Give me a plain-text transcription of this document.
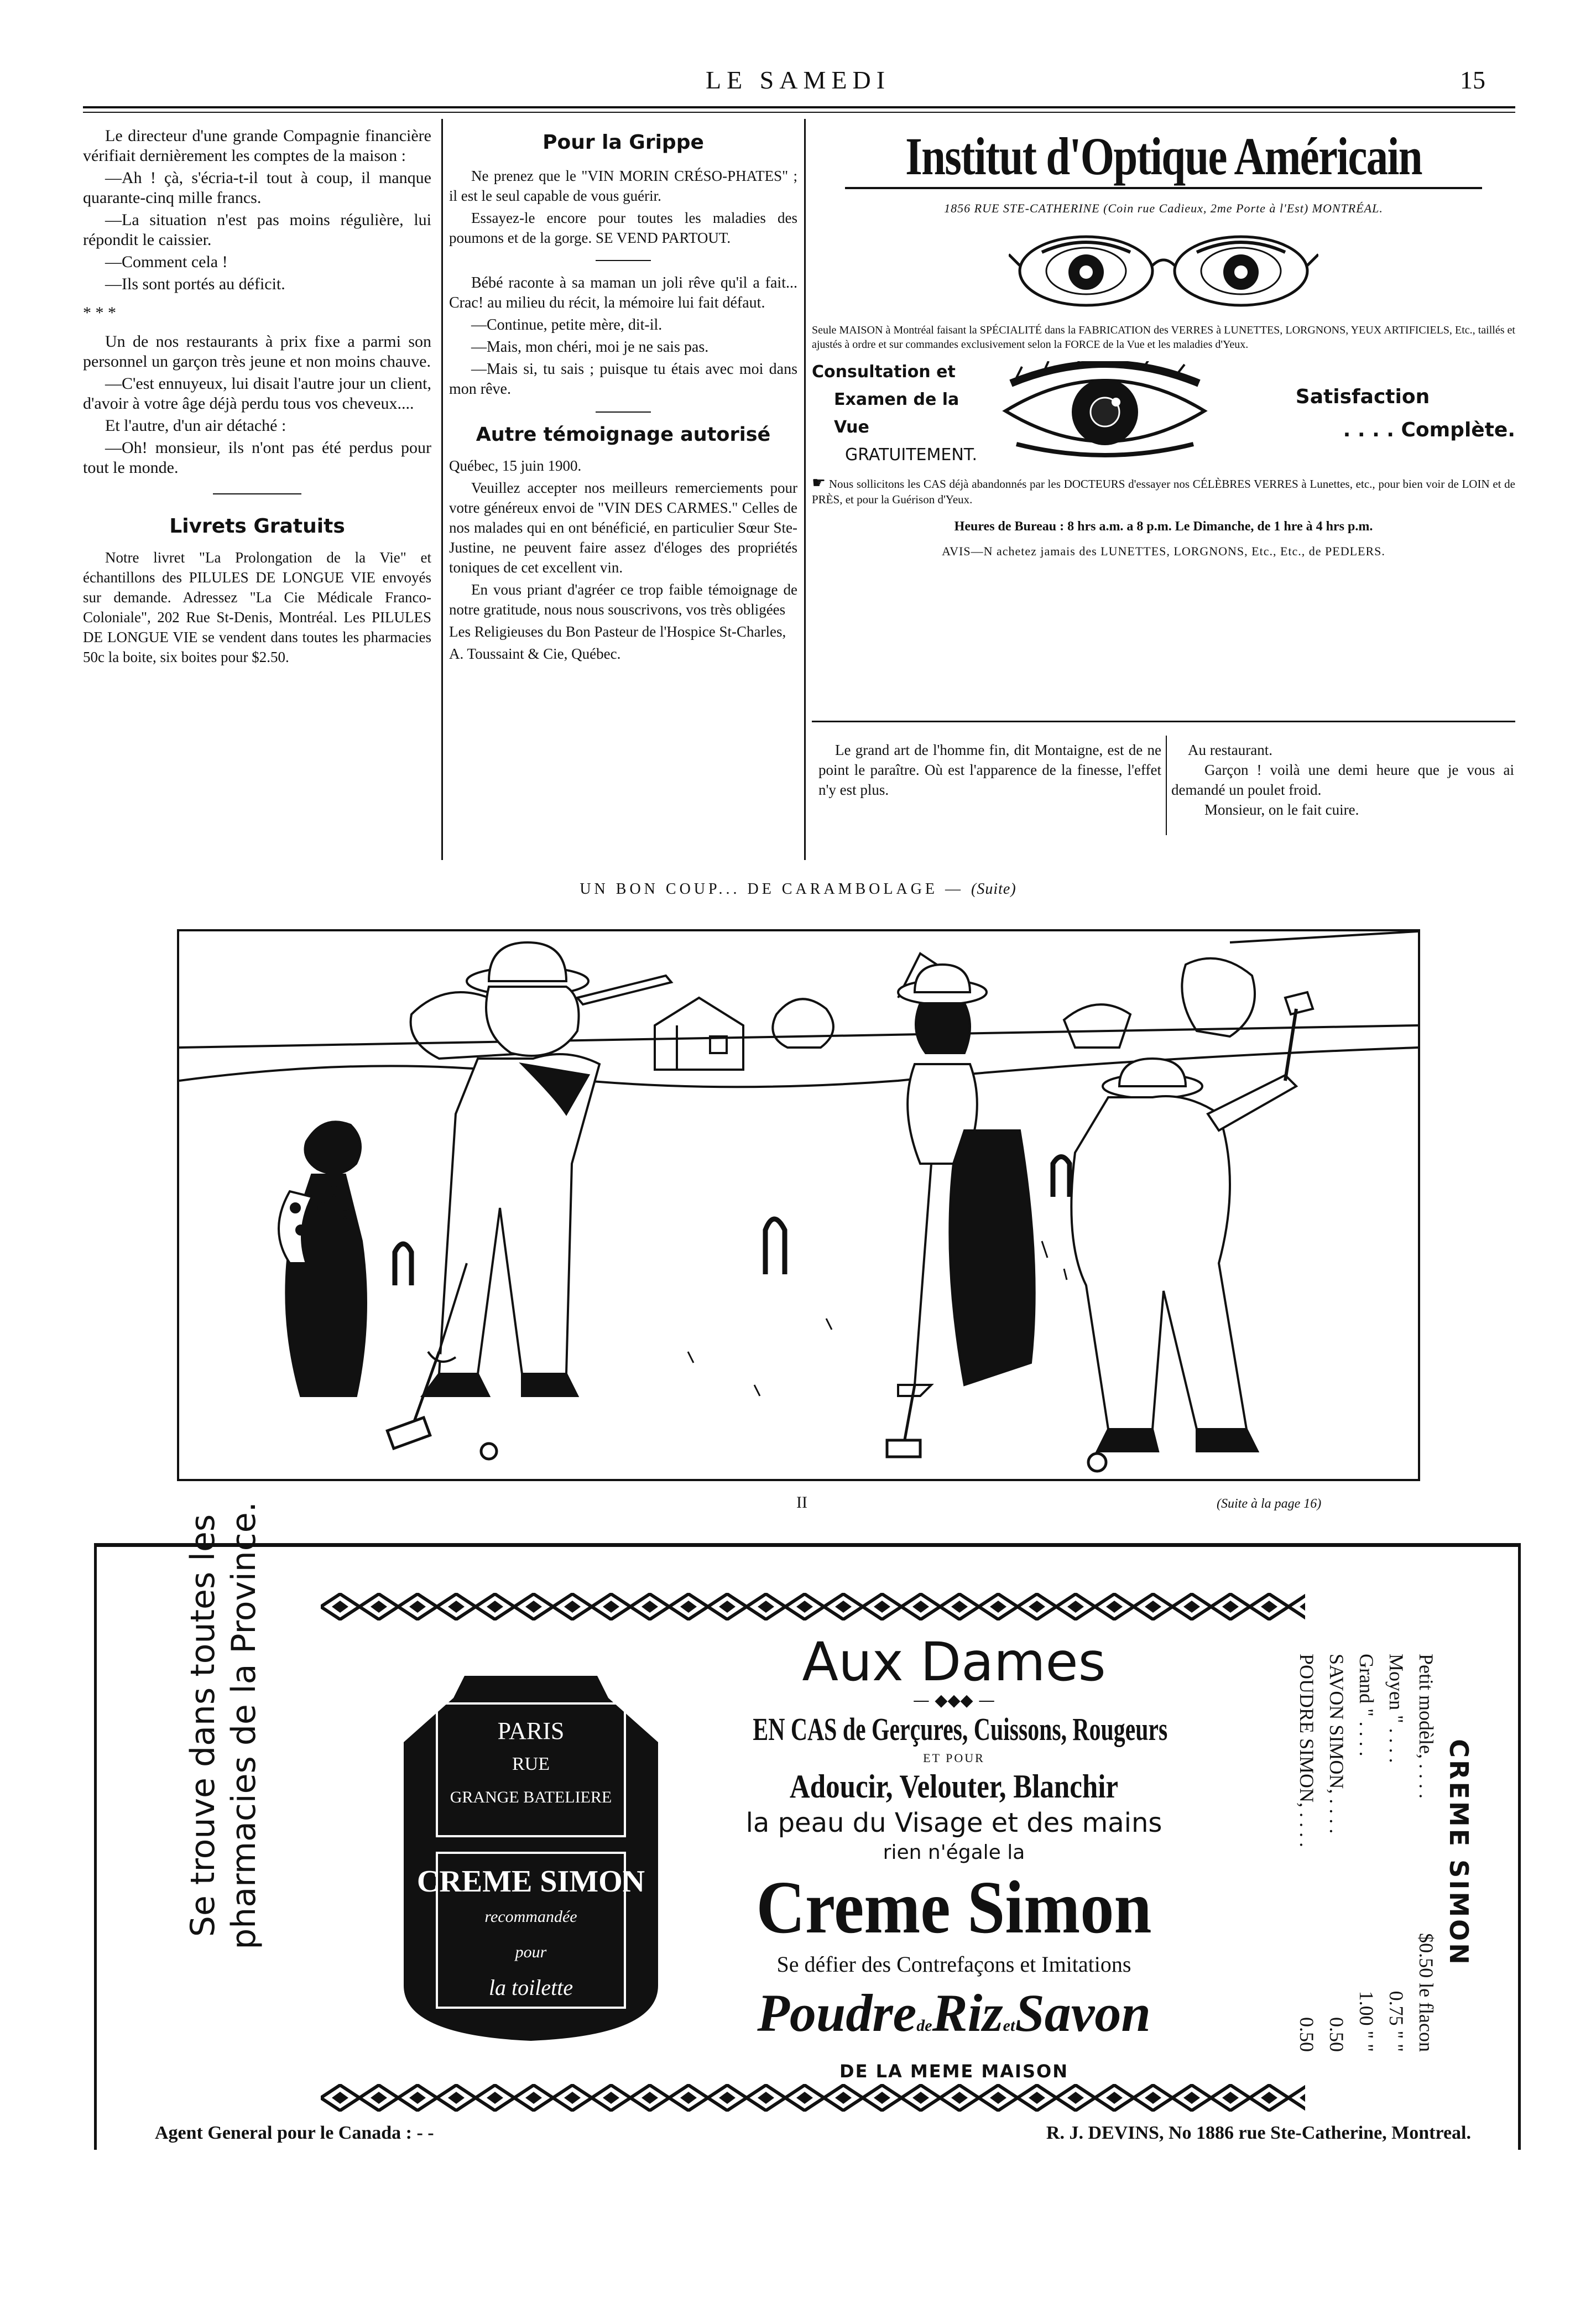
LE SAMEDI	15

Le directeur d'une grande Compagnie financière vérifiait dernièrement les comptes de la maison :

—Ah ! çà, s'écria-t-il tout à coup, il manque quarante-cinq mille francs.

—La situation n'est pas moins régulière, lui répondit le caissier.

—Comment cela !

—Ils sont portés au déficit.

* * *

Un de nos restaurants à prix fixe a parmi son personnel un garçon très jeune et non moins chauve.

—C'est ennuyeux, lui disait l'autre jour un client, d'avoir à votre âge déjà perdu tous vos cheveux....

Et l'autre, d'un air détaché :

—Oh! monsieur, ils n'ont pas été perdus pour tout le monde.

Livrets Gratuits

Notre livret "La Prolongation de la Vie" et échantillons des PILULES DE LONGUE VIE envoyés sur demande. Adressez "La Cie Médicale Franco-Coloniale", 202 Rue St-Denis, Montréal. Les PILULES DE LONGUE VIE se vendent dans toutes les pharmacies 50c la boite, six boites pour $2.50.

Pour la Grippe

Ne prenez que le "VIN MORIN CRÉSO-PHATES" ; il est le seul capable de vous guérir.

Essayez-le encore pour toutes les maladies des poumons et de la gorge. SE VEND PARTOUT.

Bébé raconte à sa maman un joli rêve qu'il a fait... Crac! au milieu du récit, la mémoire lui fait défaut.

—Continue, petite mère, dit-il.

—Mais, mon chéri, moi je ne sais pas.

—Mais si, tu sais ; puisque tu étais avec moi dans mon rêve.

Autre témoignage autorisé

Québec, 15 juin 1900.

Veuillez accepter nos meilleurs remerciements pour votre généreux envoi de "VIN DES CARMES." Celles de nos malades qui en ont bénéficié, en particulier Sœur Ste-Justine, ne peuvent faire assez d'éloges des propriétés toniques de cet excellent vin.

En vous priant d'agréer ce trop faible témoignage de notre gratitude, nous nous souscrivons, vos très obligées

Les Religieuses du Bon Pasteur de l'Hospice St-Charles,

A. Toussaint & Cie, Québec.

Institut d'Optique Américain
1856 RUE STE-CATHERINE (Coin rue Cadieux, 2me Porte à l'Est) MONTRÉAL.
Seule MAISON à Montréal faisant la SPÉCIALITÉ dans la FABRICATION des VERRES à LUNETTES, LORGNONS, YEUX ARTIFICIELS, Etc., taillés et ajustés à ordre et sur commandes exclusivement selon la FORCE de la Vue et les maladies d'Yeux.
Consultation et
Examen de la Vue
GRATUITEMENT.
Satisfaction
. . . . Complète.
☛ Nous sollicitons les CAS déjà abandonnés par les DOCTEURS d'essayer nos CÉLÈBRES VERRES à Lunettes, etc., pour bien voir de LOIN et de PRÈS, et pour la Guérison d'Yeux.
Heures de Bureau : 8 hrs a.m. a 8 p.m. Le Dimanche, de 1 hre à 4 hrs p.m.
AVIS—N achetez jamais des LUNETTES, LORGNONS, Etc., Etc., de PEDLERS.
Le grand art de l'homme fin, dit Montaigne, est de ne point le paraître. Où est l'apparence de la finesse, l'effet n'y est plus.
Au restaurant.
Garçon ! voilà une demi heure que je vous ai demandé un poulet froid.
Monsieur, on le fait cuire.
UN BON COUP... DE CARAMBOLAGE — (Suite)
II	(Suite à la page 16)
Se trouve dans toutes les pharmacies de la Province.	PARIS
RUE
GRANGE BATELIERE
CREME SIMON
recommandée
pour
la toilette
Aux Dames
— ◆◆◆ —
EN CAS de Gerçures, Cuissons, Rougeurs
ET POUR
Adoucir, Velouter, Blanchir
la peau du Visage et des mains
rien n'égale la
Creme Simon
Se défier des Contrefaçons et Imitations
PoudredeRizetSavon
DE LA MEME MAISON
CREME SIMON
Petit modèle, . . . .
$0.50 le flacon
Moyen " . . . .
0.75 " "
Grand " . . . .
1.00 " "
SAVON SIMON, . . . .
0.50
POUDRE SIMON, . . . .
0.50
Agent General pour le Canada : - -	R. J. DEVINS, No 1886 rue Ste-Catherine, Montreal.
